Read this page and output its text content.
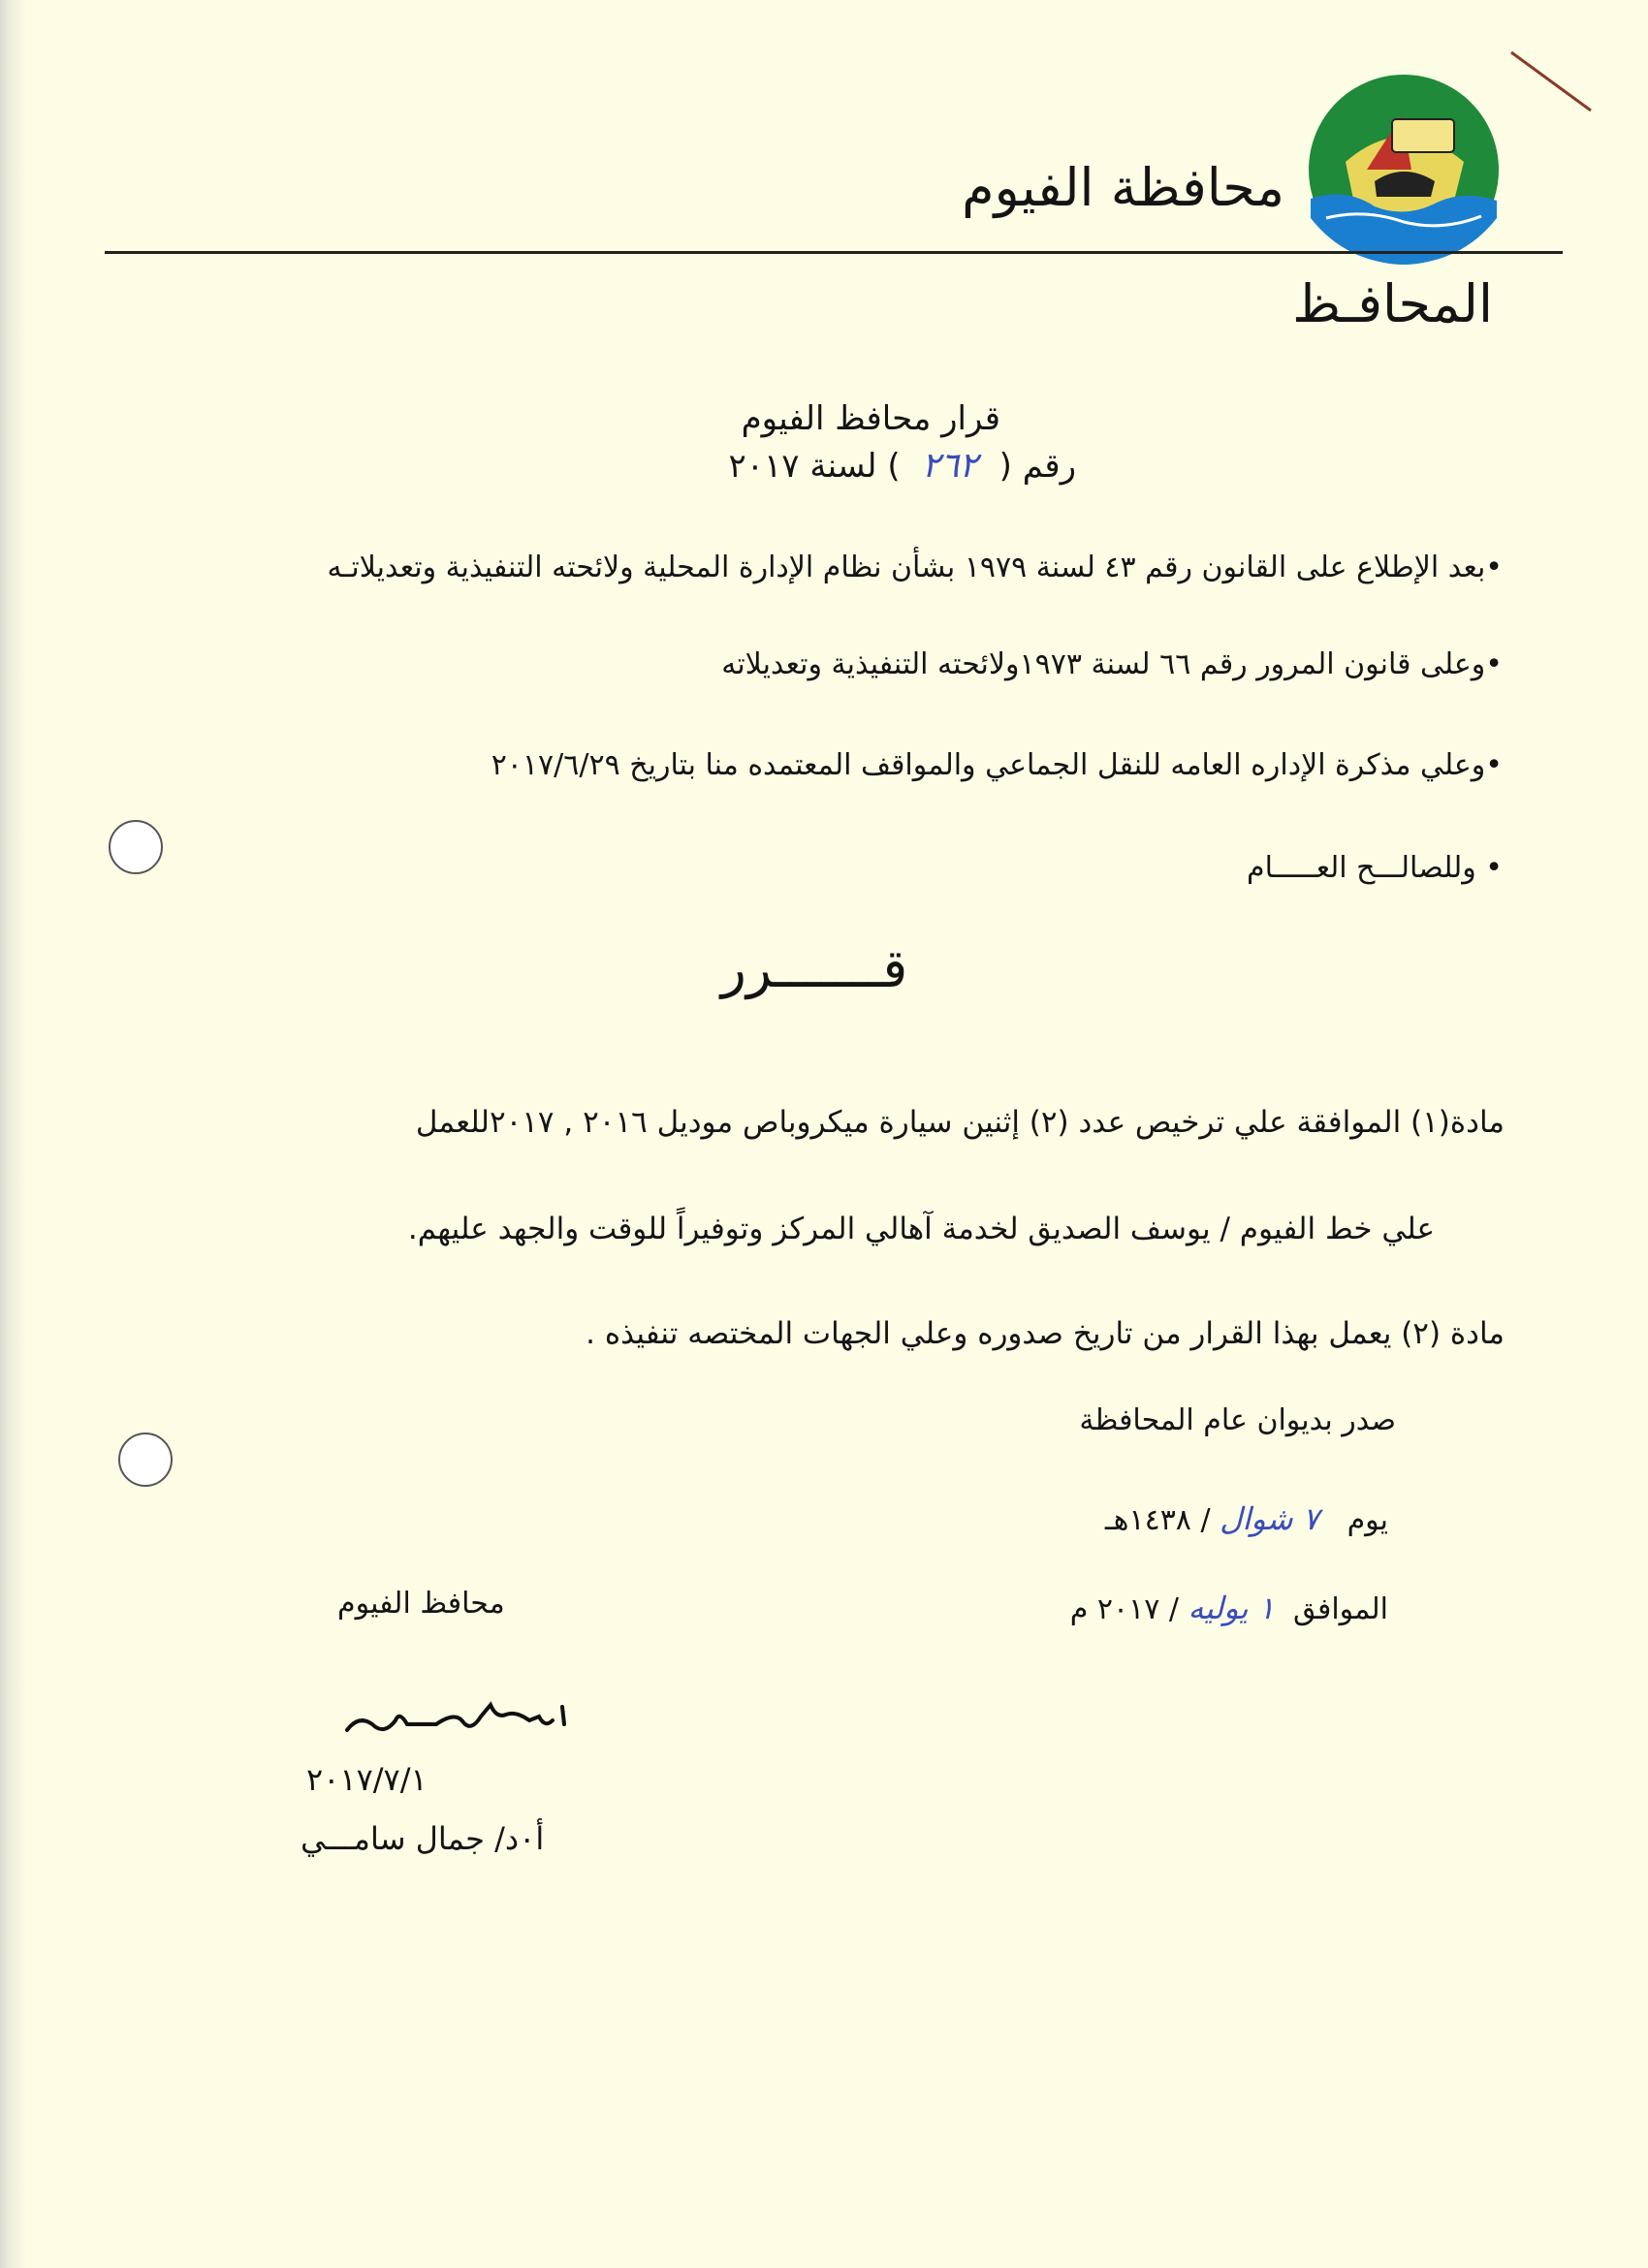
محافظة الفيوم
المحافـظ
قرار محافظ الفيوم
رقم (٢٦٢) لسنة ٢٠١٧
•بعد الإطلاع على القانون رقم ٤٣ لسنة ١٩٧٩ بشأن نظام الإدارة المحلية ولائحته التنفيذية وتعديلاتـه
•وعلى قانون المرور رقم ٦٦ لسنة ١٩٧٣ولائحته التنفيذية وتعديلاته
•وعلي مذكرة الإداره العامه للنقل الجماعي والمواقف المعتمده منا بتاريخ ٢٠١٧/٦/٢٩
• وللصالـــح العـــــام
قـــــــرر
مادة(١) الموافقة علي ترخيص عدد (٢) إثنين سيارة ميكروباص موديل ٢٠١٦ , ٢٠١٧للعمل
علي خط الفيوم / يوسف الصديق لخدمة آهالي المركز وتوفيراً للوقت والجهد عليهم.
مادة (٢) يعمل بهذا القرار من تاريخ صدوره وعلي الجهات المختصه تنفيذه .
صدر بديوان عام المحافظة
يوم   ٧ شوال / ١٤٣٨هـ
الموافق  ١ يوليه / ٢٠١٧ م
محافظ الفيوم
٢٠١٧/٧/١
أ٠د/ جمال سامـــي
